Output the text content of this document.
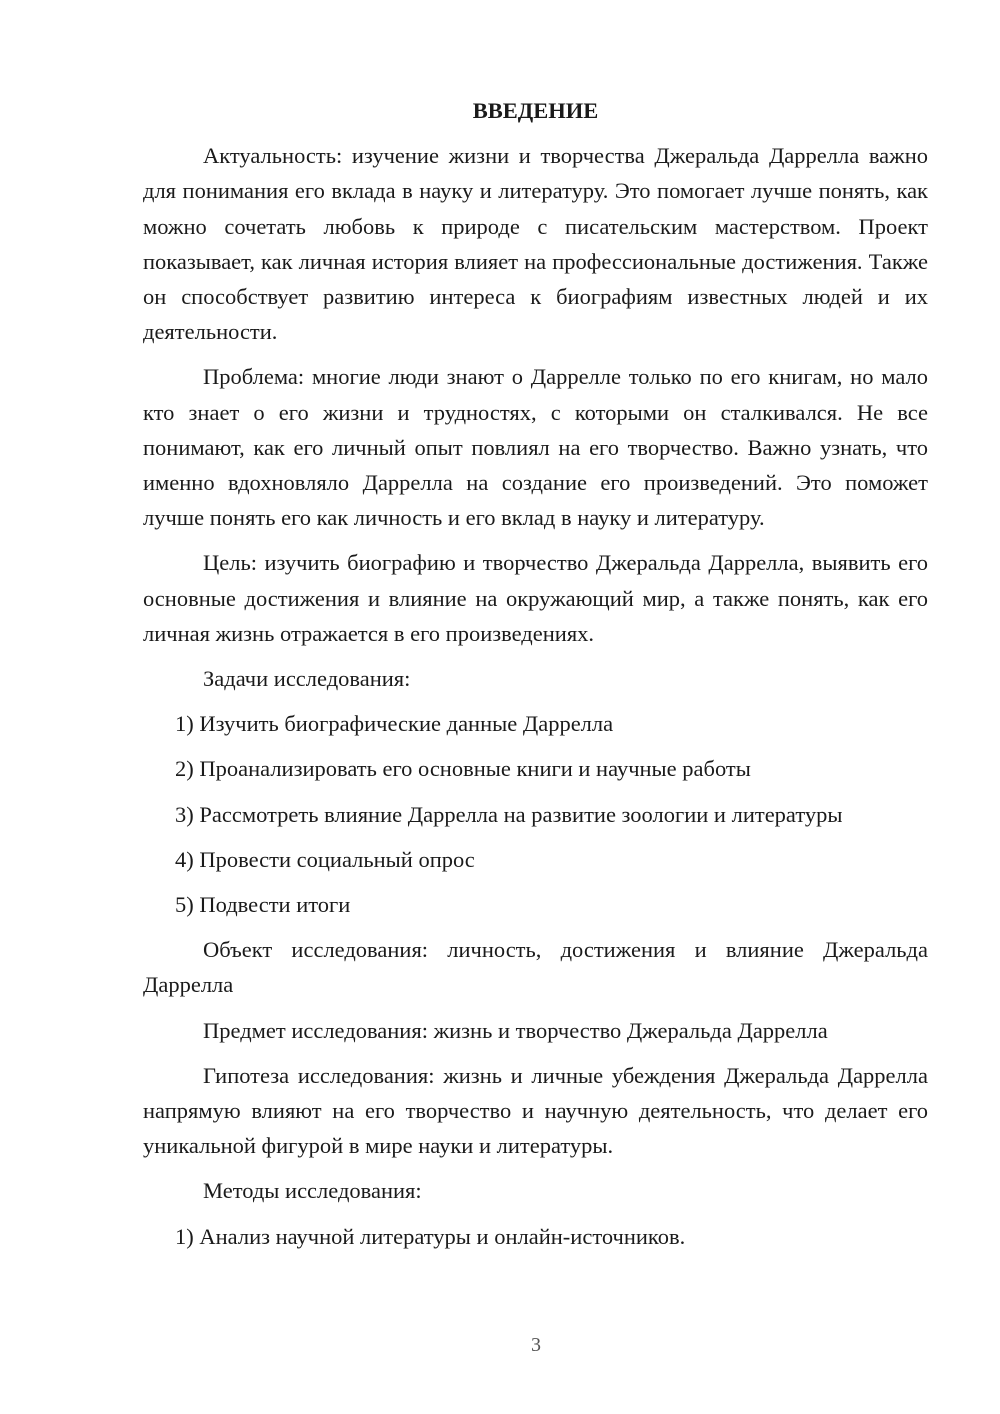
ВВЕДЕНИЕ

Актуальность: изучение жизни и творчества Джеральда Даррелла важно для понимания его вклада в науку и литературу. Это помогает лучше понять, как можно сочетать любовь к природе с писательским мастерством. Проект показывает, как личная история влияет на профессиональные достижения. Также он способствует развитию интереса к биографиям известных людей и их деятельности.

Проблема: многие люди знают о Даррелле только по его книгам, но мало кто знает о его жизни и трудностях, с которыми он сталкивался. Не все понимают, как его личный опыт повлиял на его творчество. Важно узнать, что именно вдохновляло Даррелла на создание его произведений. Это поможет лучше понять его как личность и его вклад в науку и литературу.

Цель: изучить биографию и творчество Джеральда Даррелла, выявить его основные достижения и влияние на окружающий мир, а также понять, как его личная жизнь отражается в его произведениях.

Задачи исследования:

1) Изучить биографические данные Даррелла
2) Проанализировать его основные книги и научные работы
3) Рассмотреть влияние Даррелла на развитие зоологии и литературы
4) Провести социальный опрос
5) Подвести итоги

Объект исследования: личность, достижения и влияние Джеральда Даррелла

Предмет исследования: жизнь и творчество Джеральда Даррелла

Гипотеза исследования: жизнь и личные убеждения Джеральда Даррелла напрямую влияют на его творчество и научную деятельность, что делает его уникальной фигурой в мире науки и литературы.

Методы исследования:

1) Анализ научной литературы и онлайн-источников.
3
